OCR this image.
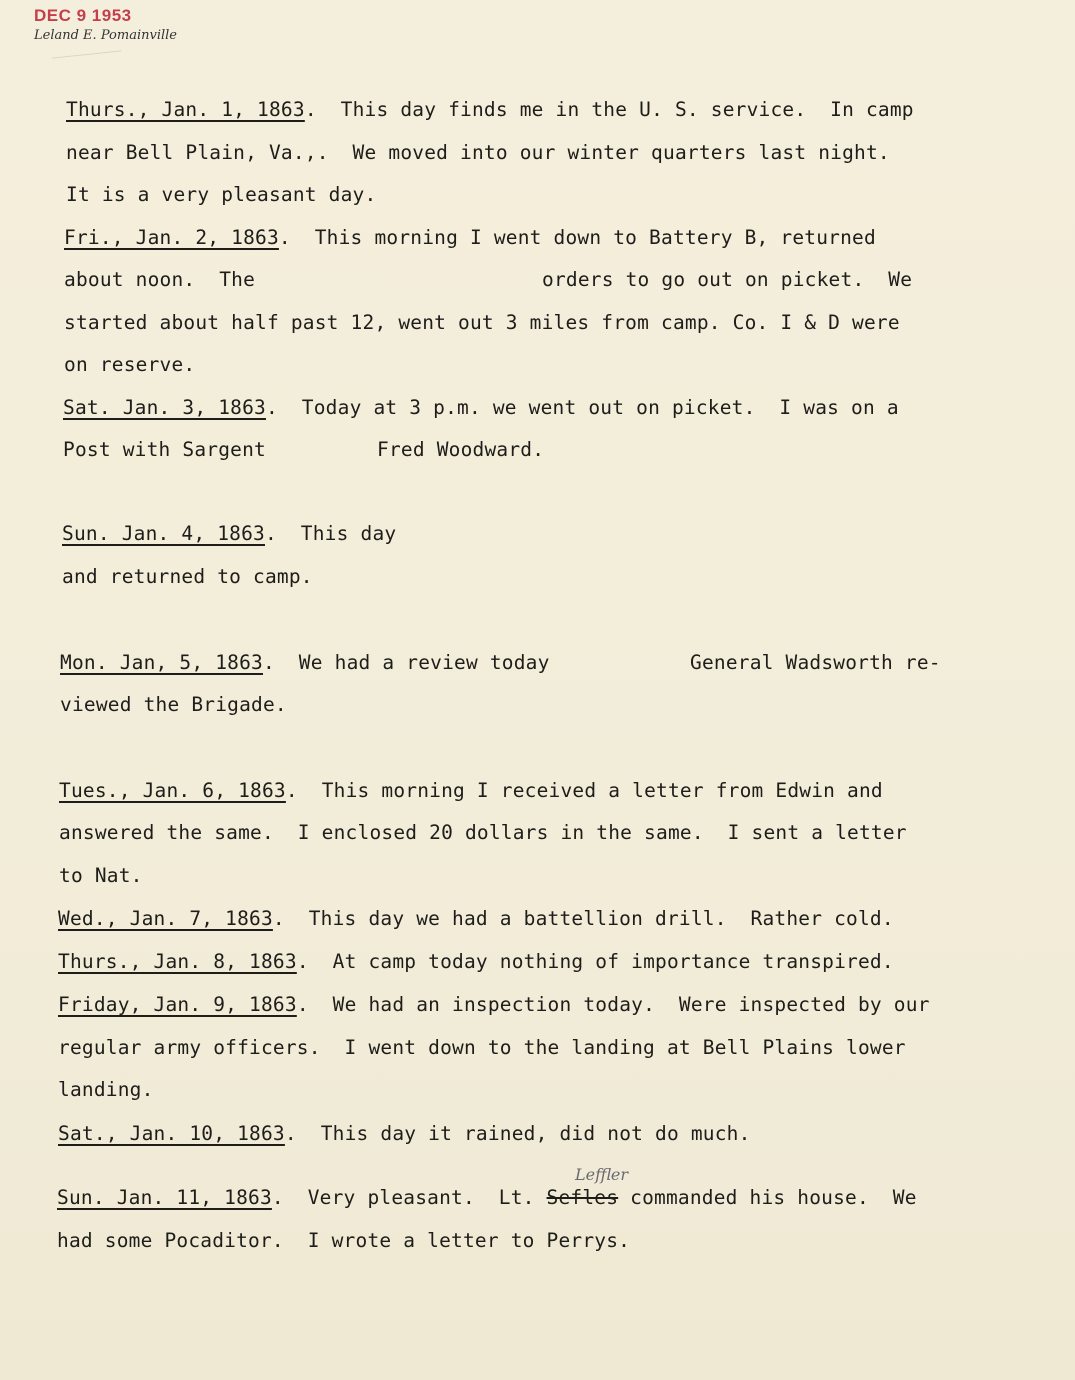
DEC 9 1953
Leland E. Pomainville
Thurs., Jan. 1, 1863.  This day finds me in the U. S. service.  In camp
near Bell Plain, Va.,.  We moved into our winter quarters last night.
It is a very pleasant day.
Fri., Jan. 2, 1863.  This morning I went down to Battery B, returned
about noon.  The	orders to go out on picket.  We
started about half past 12, went out 3 miles from camp. Co. I & D were
on reserve.
Sat. Jan. 3, 1863.  Today at 3 p.m. we went out on picket.  I was on a
Post with Sargent	Fred Woodward.
Sun. Jan. 4, 1863.  This day
and returned to camp.
Mon. Jan, 5, 1863.  We had a review today	General Wadsworth re-
viewed the Brigade.
Tues., Jan. 6, 1863.  This morning I received a letter from Edwin and
answered the same.  I enclosed 20 dollars in the same.  I sent a letter
to Nat.
Wed., Jan. 7, 1863.  This day we had a battellion drill.  Rather cold.
Thurs., Jan. 8, 1863.  At camp today nothing of importance transpired.
Friday, Jan. 9, 1863.  We had an inspection today.  Were inspected by our
regular army officers.  I went down to the landing at Bell Plains lower
landing.
Sat., Jan. 10, 1863.  This day it rained, did not do much.
Leffler
Sun. Jan. 11, 1863.  Very pleasant.  Lt. Sefles commanded his house.  We
had some Pocaditor.  I wrote a letter to Perrys.
